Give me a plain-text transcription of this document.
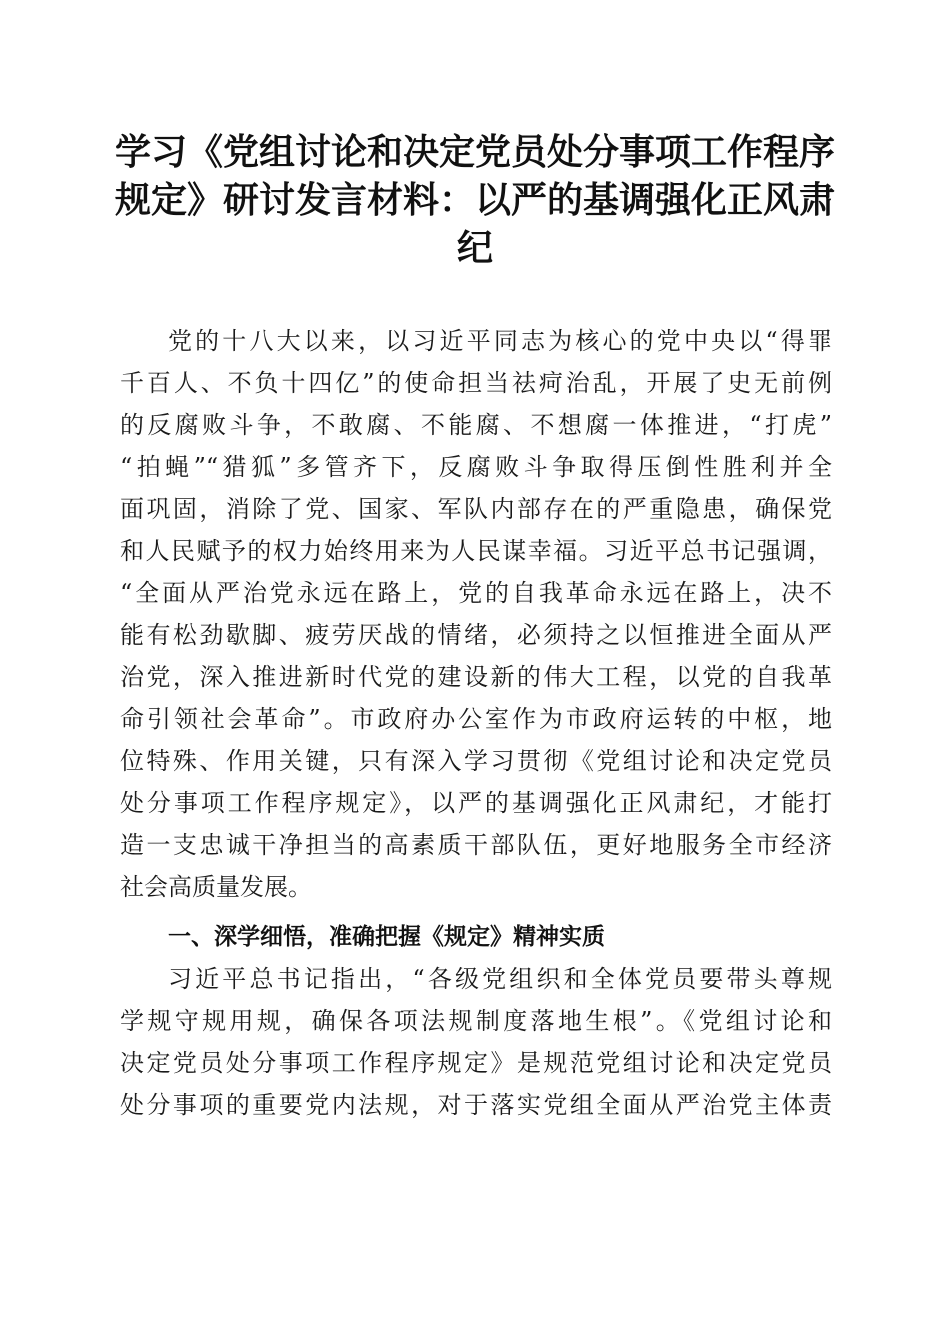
学习《党组讨论和决定党员处分事项工作程序
规定》研讨发言材料：以严的基调强化正风肃
纪
党的十八大以来，以习近平同志为核心的党中央以“得罪
千百人、不负十四亿”的使命担当祛疴治乱，开展了史无前例
的反腐败斗争，不敢腐、不能腐、不想腐一体推进，“打虎”
“拍蝇”“猎狐”多管齐下，反腐败斗争取得压倒性胜利并全
面巩固，消除了党、国家、军队内部存在的严重隐患，确保党
和人民赋予的权力始终用来为人民谋幸福。习近平总书记强调，
“全面从严治党永远在路上，党的自我革命永远在路上，决不
能有松劲歇脚、疲劳厌战的情绪，必须持之以恒推进全面从严
治党，深入推进新时代党的建设新的伟大工程，以党的自我革
命引领社会革命”。市政府办公室作为市政府运转的中枢，地
位特殊、作用关键，只有深入学习贯彻《党组讨论和决定党员
处分事项工作程序规定》，以严的基调强化正风肃纪，才能打
造一支忠诚干净担当的高素质干部队伍，更好地服务全市经济
社会高质量发展。
一、深学细悟，准确把握《规定》精神实质
习近平总书记指出，“各级党组织和全体党员要带头尊规
学规守规用规，确保各项法规制度落地生根”。《党组讨论和
决定党员处分事项工作程序规定》是规范党组讨论和决定党员
处分事项的重要党内法规，对于落实党组全面从严治党主体责
